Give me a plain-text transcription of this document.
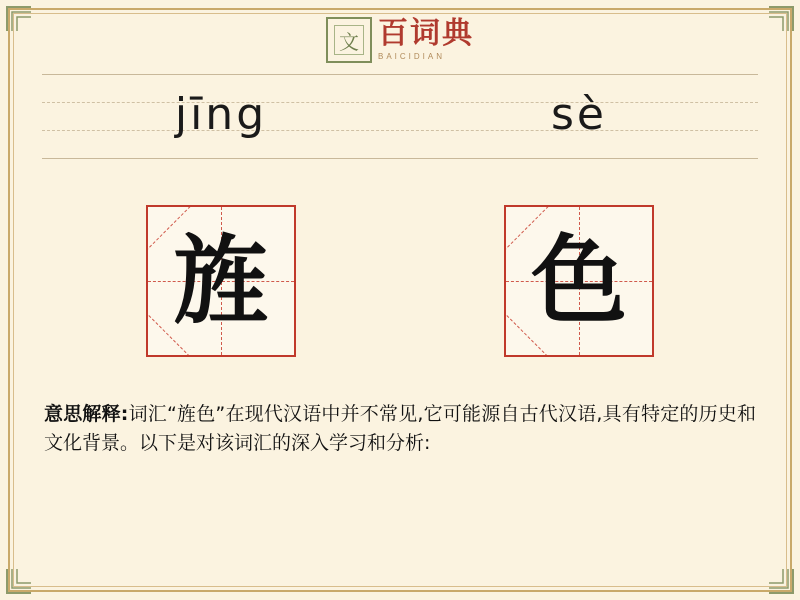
文 百词典
BAICIDIAN
jīng	sè
旌	色
意思解释:词汇“旌色”在现代汉语中并不常见,它可能源自古代汉语,具有特定的历史和文化背景。以下是对该词汇的深入学习和分析:
